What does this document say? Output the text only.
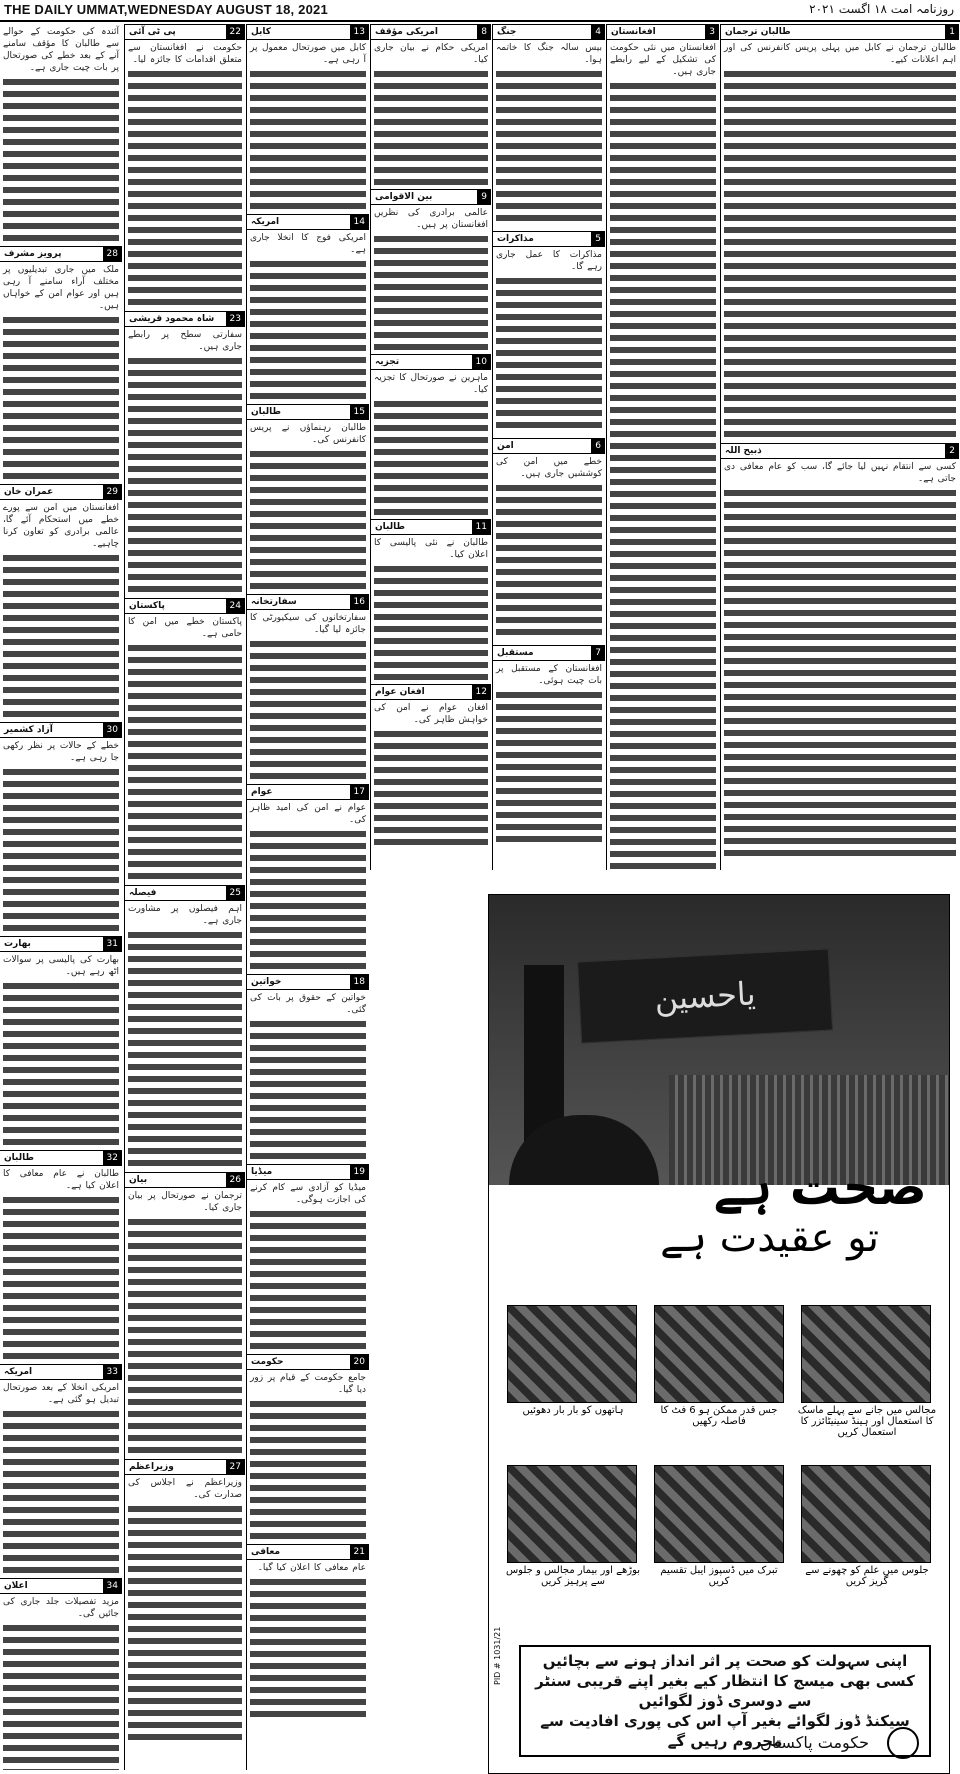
THE DAILY UMMAT,WEDNESDAY AUGUST 18, 2021	روزنامہ امت ۱۸ اگست ۲۰۲۱
آئندہ کی حکومت کے حوالے سے طالبان کا مؤقف سامنے آنے کے بعد خطے کی صورتحال پر بات چیت جاری ہے۔
28
پرویز مشرف
ملک میں جاری تبدیلیوں پر مختلف آراء سامنے آ رہی ہیں اور عوام امن کے خواہاں ہیں۔
29
عمران خان
افغانستان میں امن سے پورے خطے میں استحکام آئے گا، عالمی برادری کو تعاون کرنا چاہیے۔
30
آزاد کشمیر
خطے کے حالات پر نظر رکھی جا رہی ہے۔
31
بھارت
بھارت کی پالیسی پر سوالات اٹھ رہے ہیں۔
32
طالبان
طالبان نے عام معافی کا اعلان کیا ہے۔
33
امریکہ
امریکی انخلا کے بعد صورتحال تبدیل ہو گئی ہے۔
34
اعلان
مزید تفصیلات جلد جاری کی جائیں گی۔
22
پی ٹی آئی
حکومت نے افغانستان سے متعلق اقدامات کا جائزہ لیا۔
23
شاہ محمود قریشی
سفارتی سطح پر رابطے جاری ہیں۔
24
پاکستان
پاکستان خطے میں امن کا حامی ہے۔
25
فیصلہ
اہم فیصلوں پر مشاورت جاری ہے۔
26
بیان
ترجمان نے صورتحال پر بیان جاری کیا۔
27
وزیراعظم
وزیراعظم نے اجلاس کی صدارت کی۔
13
کابل
کابل میں صورتحال معمول پر آ رہی ہے۔
14
امریکہ
امریکی فوج کا انخلا جاری ہے۔
15
طالبان
طالبان رہنماؤں نے پریس کانفرنس کی۔
16
سفارتخانہ
سفارتخانوں کی سیکیورٹی کا جائزہ لیا گیا۔
17
عوام
عوام نے امن کی امید ظاہر کی۔
18
خواتین
خواتین کے حقوق پر بات کی گئی۔
19
میڈیا
میڈیا کو آزادی سے کام کرنے کی اجازت ہوگی۔
20
حکومت
جامع حکومت کے قیام پر زور دیا گیا۔
21
معافی
عام معافی کا اعلان کیا گیا۔
8
امریکی مؤقف
امریکی حکام نے بیان جاری کیا۔
9
بین الاقوامی
عالمی برادری کی نظریں افغانستان پر ہیں۔
10
تجزیہ
ماہرین نے صورتحال کا تجزیہ کیا۔
11
طالبان
طالبان نے نئی پالیسی کا اعلان کیا۔
12
افغان عوام
افغان عوام نے امن کی خواہش ظاہر کی۔
4
جنگ
بیس سالہ جنگ کا خاتمہ ہوا۔
5
مذاکرات
مذاکرات کا عمل جاری رہے گا۔
6
امن
خطے میں امن کی کوششیں جاری ہیں۔
7
مستقبل
افغانستان کے مستقبل پر بات چیت ہوئی۔
3
افغانستان
افغانستان میں نئی حکومت کی تشکیل کے لیے رابطے جاری ہیں۔
1
طالبان ترجمان
طالبان ترجمان نے کابل میں پہلی پریس کانفرنس کی اور اہم اعلانات کیے۔
2
ذبیح اللہ
کسی سے انتقام نہیں لیا جائے گا، سب کو عام معافی دی جاتی ہے۔
یاحسین
صحت ہے
تو عقیدت ہے
مجالس میں جانے سے پہلے ماسک کا استعمال اور ہینڈ سینیٹائزر کا استعمال کریں
جس قدر ممکن ہو 6 فٹ کا فاصلہ رکھیں
ہاتھوں کو بار بار دھوئیں
جلوس میں علم کو چھونے سے گریز کریں
تبرک میں ڈسپوز ایبل تقسیم کریں
بوڑھے اور بیمار مجالس و جلوس سے پرہیز کریں
اپنی سہولت کو صحت پر اثر انداز ہونے سے بچائیں
کسی بھی میسج کا انتظار کیے بغیر اپنے قریبی سنٹر سے دوسری ڈوز لگوائیں
سیکنڈ ڈوز لگوائے بغیر آپ اس کی پوری افادیت سے محروم رہیں گے
PID # 1031/21
حکومت پاکستان
